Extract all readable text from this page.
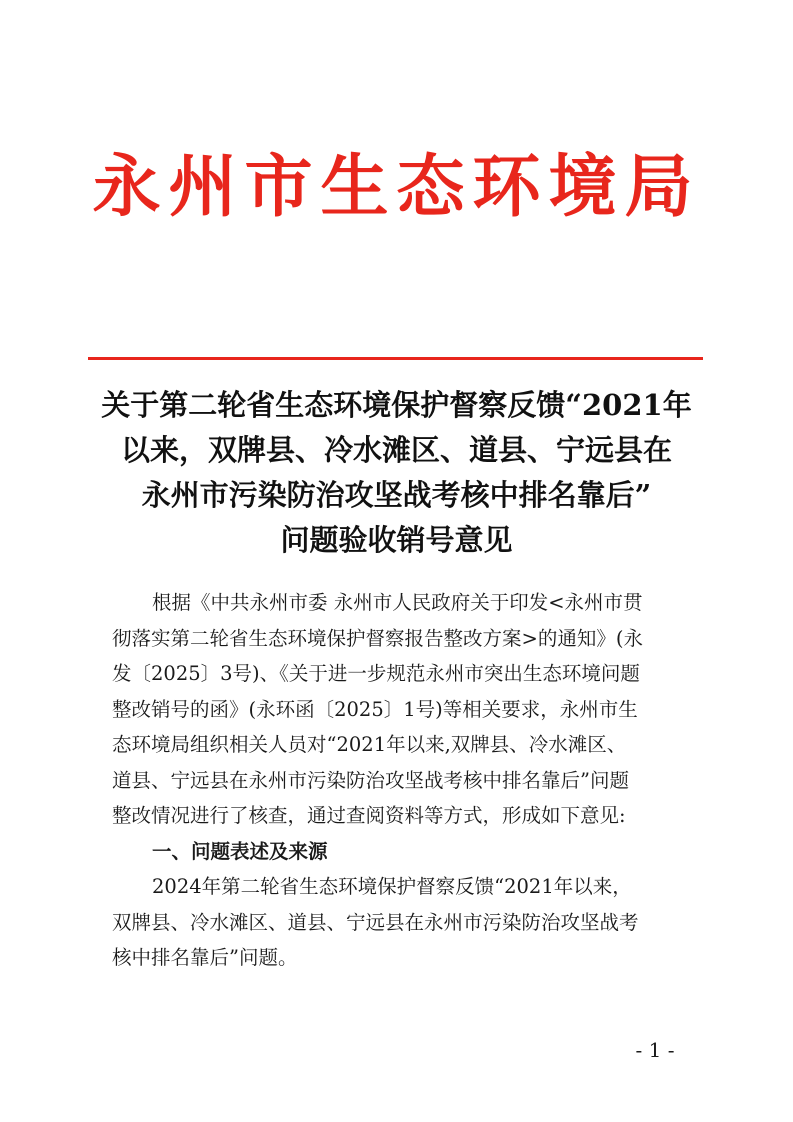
永州市生态环境局
关于第二轮省生态环境保护督察反馈“2021年
以来，双牌县、冷水滩区、道县、宁远县在
永州市污染防治攻坚战考核中排名靠后”
问题验收销号意见

根据《中共永州市委 永州市人民政府关于印发<永州市贯
彻落实第二轮省生态环境保护督察报告整改方案>的通知》(永
发〔2025〕3号)、《关于进一步规范永州市突出生态环境问题
整改销号的函》(永环函〔2025〕1号)等相关要求，永州市生
态环境局组织相关人员对“2021年以来,双牌县、冷水滩区、
道县、宁远县在永州市污染防治攻坚战考核中排名靠后”问题
整改情况进行了核查，通过查阅资料等方式，形成如下意见:

一、问题表述及来源

2024年第二轮省生态环境保护督察反馈“2021年以来，
双牌县、冷水滩区、道县、宁远县在永州市污染防治攻坚战考
核中排名靠后”问题。

- 1 -
